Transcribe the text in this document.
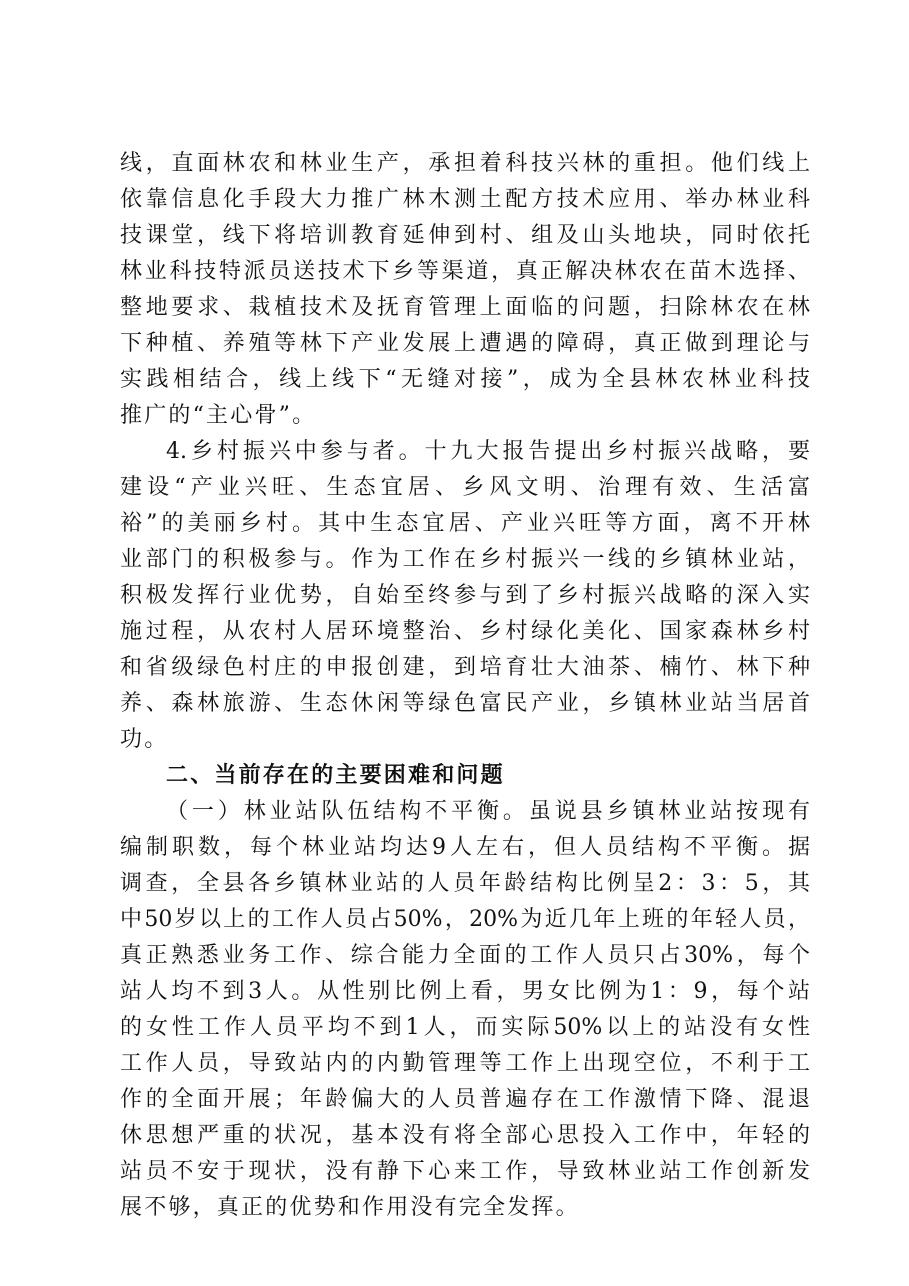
线，直面林农和林业生产，承担着科技兴林的重担。他们线上
依靠信息化手段大力推广林木测土配方技术应用、举办林业科
技课堂，线下将培训教育延伸到村、组及山头地块，同时依托
林业科技特派员送技术下乡等渠道，真正解决林农在苗木选择、
整地要求、栽植技术及抚育管理上面临的问题，扫除林农在林
下种植、养殖等林下产业发展上遭遇的障碍，真正做到理论与
实践相结合，线上线下“无缝对接”，成为全县林农林业科技
推广的“主心骨”。
4.乡村振兴中参与者。十九大报告提出乡村振兴战略，要
建设“产业兴旺、生态宜居、乡风文明、治理有效、生活富
裕”的美丽乡村。其中生态宜居、产业兴旺等方面，离不开林
业部门的积极参与。作为工作在乡村振兴一线的乡镇林业站，
积极发挥行业优势，自始至终参与到了乡村振兴战略的深入实
施过程，从农村人居环境整治、乡村绿化美化、国家森林乡村
和省级绿色村庄的申报创建，到培育壮大油茶、楠竹、林下种
养、森林旅游、生态休闲等绿色富民产业，乡镇林业站当居首
功。
二、当前存在的主要困难和问题
（一）林业站队伍结构不平衡。虽说县乡镇林业站按现有
编制职数，每个林业站均达9人左右，但人员结构不平衡。据
调查，全县各乡镇林业站的人员年龄结构比例呈2：3：5，其
中50岁以上的工作人员占50%，20%为近几年上班的年轻人员，
真正熟悉业务工作、综合能力全面的工作人员只占30%，每个
站人均不到3人。从性别比例上看，男女比例为1：9，每个站
的女性工作人员平均不到1人，而实际50%以上的站没有女性
工作人员，导致站内的内勤管理等工作上出现空位，不利于工
作的全面开展；年龄偏大的人员普遍存在工作激情下降、混退
休思想严重的状况，基本没有将全部心思投入工作中，年轻的
站员不安于现状，没有静下心来工作，导致林业站工作创新发
展不够，真正的优势和作用没有完全发挥。
